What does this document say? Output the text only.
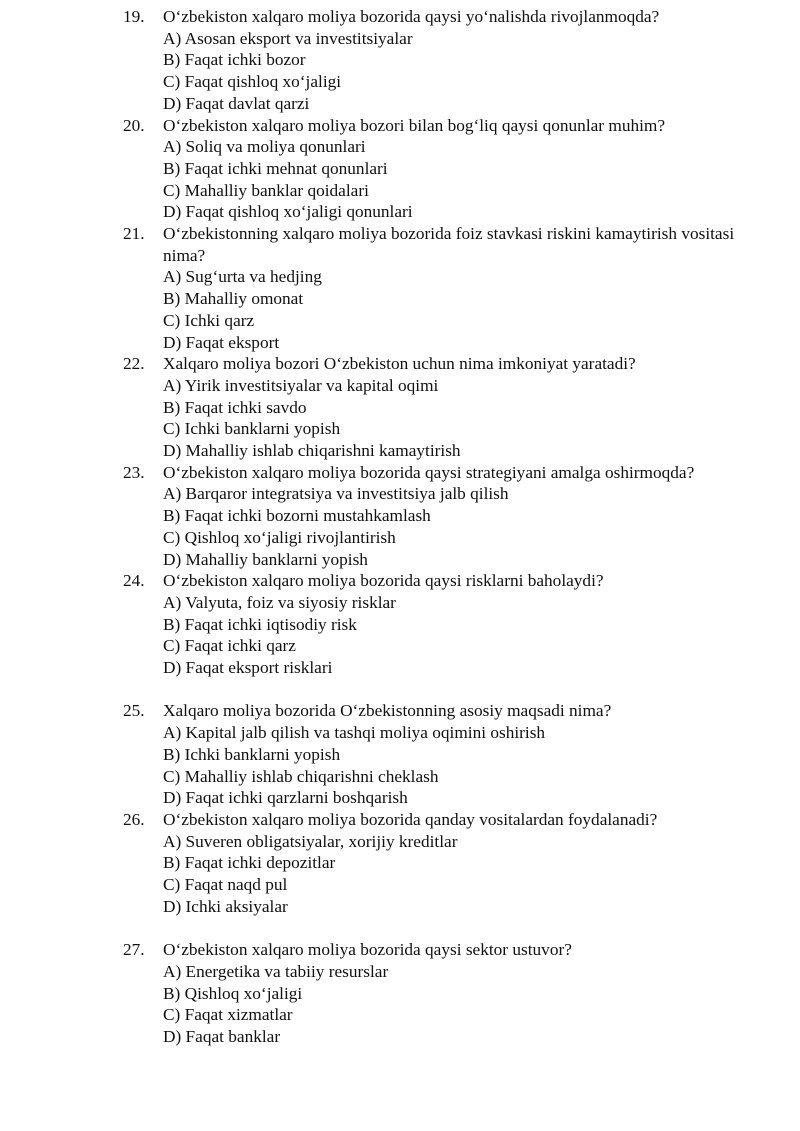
19.	O‘zbekiston xalqaro moliya bozorida qaysi yo‘nalishda rivojlanmoqda?
A) Asosan eksport va investitsiyalar
B) Faqat ichki bozor
C) Faqat qishloq xo‘jaligi
D) Faqat davlat qarzi
20.	O‘zbekiston xalqaro moliya bozori bilan bog‘liq qaysi qonunlar muhim?
A) Soliq va moliya qonunlari
B) Faqat ichki mehnat qonunlari
C) Mahalliy banklar qoidalari
D) Faqat qishloq xo‘jaligi qonunlari
21.	O‘zbekistonning xalqaro moliya bozorida foiz stavkasi riskini kamaytirish vositasi nima?
A) Sug‘urta va hedjing
B) Mahalliy omonat
C) Ichki qarz
D) Faqat eksport
22.	Xalqaro moliya bozori O‘zbekiston uchun nima imkoniyat yaratadi?
A) Yirik investitsiyalar va kapital oqimi
B) Faqat ichki savdo
C) Ichki banklarni yopish
D) Mahalliy ishlab chiqarishni kamaytirish
23.	O‘zbekiston xalqaro moliya bozorida qaysi strategiyani amalga oshirmoqda?
A) Barqaror integratsiya va investitsiya jalb qilish
B) Faqat ichki bozorni mustahkamlash
C) Qishloq xo‘jaligi rivojlantirish
D) Mahalliy banklarni yopish
24.	O‘zbekiston xalqaro moliya bozorida qaysi risklarni baholaydi?
A) Valyuta, foiz va siyosiy risklar
B) Faqat ichki iqtisodiy risk
C) Faqat ichki qarz
D) Faqat eksport risklari
25.	Xalqaro moliya bozorida O‘zbekistonning asosiy maqsadi nima?
A) Kapital jalb qilish va tashqi moliya oqimini oshirish
B) Ichki banklarni yopish
C) Mahalliy ishlab chiqarishni cheklash
D) Faqat ichki qarzlarni boshqarish
26.	O‘zbekiston xalqaro moliya bozorida qanday vositalardan foydalanadi?
A) Suveren obligatsiyalar, xorijiy kreditlar
B) Faqat ichki depozitlar
C) Faqat naqd pul
D) Ichki aksiyalar
27.	O‘zbekiston xalqaro moliya bozorida qaysi sektor ustuvor?
A) Energetika va tabiiy resurslar
B) Qishloq xo‘jaligi
C) Faqat xizmatlar
D) Faqat banklar
